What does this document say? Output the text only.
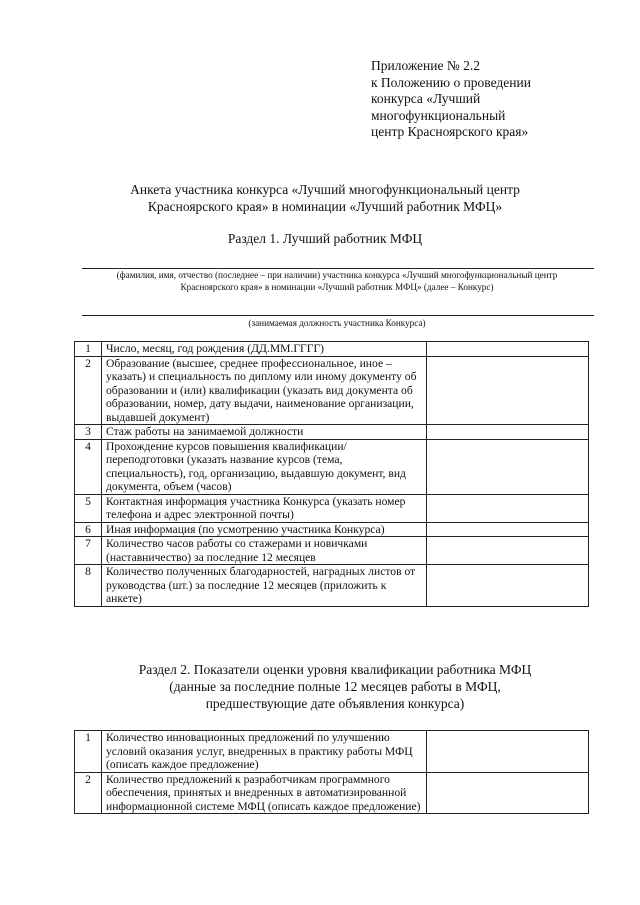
Приложение № 2.2
к Положению о проведении
конкурса «Лучший
многофункциональный
центр Красноярского края»
Анкета участника конкурса «Лучший многофункциональный центр
Красноярского края» в номинации «Лучший работник МФЦ»
Раздел 1. Лучший работник МФЦ
(фамилия, имя, отчество (последнее – при наличии) участника конкурса «Лучший многофункциональный центр
Красноярского края» в номинации «Лучший работник МФЦ» (далее – Конкурс)
(занимаемая должность участника Конкурса)
1	Число, месяц, год рождения (ДД.ММ.ГГГГ)	
2	Образование (высшее, среднее профессиональное, иное – указать) и специальность по диплому или иному документу об образовании и (или) квалификации (указать вид документа об образовании, номер, дату выдачи, наименование организации, выдавшей документ)	
3	Стаж работы на занимаемой должности	
4	Прохождение курсов повышения квалификации/ переподготовки (указать название курсов (тема, специальность), год, организацию, выдавшую документ, вид документа, объем (часов)	
5	Контактная информация участника Конкурса (указать номер телефона и адрес электронной почты)	
6	Иная информация (по усмотрению участника Конкурса)	
7	Количество часов работы со стажерами и новичками (наставничество) за последние 12 месяцев	
8	Количество полученных благодарностей, наградных листов от руководства (шт.) за последние 12 месяцев (приложить к анкете)	
Раздел 2. Показатели оценки уровня квалификации работника МФЦ
(данные за последние полные 12 месяцев работы в МФЦ,
предшествующие дате объявления конкурса)
1	Количество инновационных предложений по улучшению условий оказания услуг, внедренных в практику работы МФЦ (описать каждое предложение)	
2	Количество предложений к разработчикам программного обеспечения, принятых и внедренных в автоматизированной информационной системе МФЦ (описать каждое предложение)	
